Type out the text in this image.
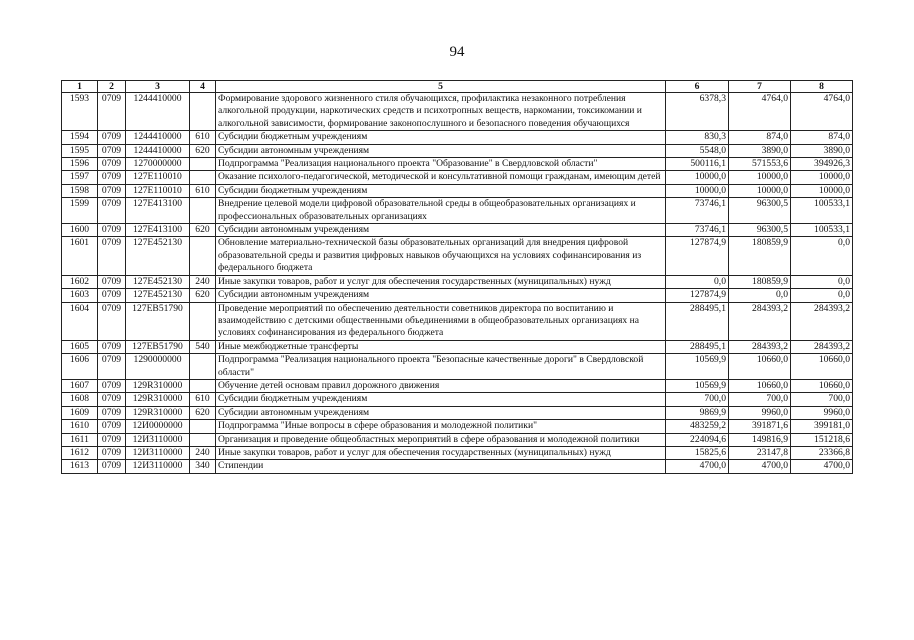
94
1	2	3	4	5	6	7	8
1593	0709	1244410000		Формирование здорового жизненного стиля обучающихся, профилактика незаконного потребления алкогольной продукции, наркотических средств и психотропных веществ, наркомании, токсикомании и алкогольной зависимости, формирование законопослушного и безопасного поведения обучающихся	6378,3	4764,0	4764,0
1594	0709	1244410000	610	Субсидии бюджетным учреждениям	830,3	874,0	874,0
1595	0709	1244410000	620	Субсидии автономным учреждениям	5548,0	3890,0	3890,0
1596	0709	1270000000		Подпрограмма "Реализация национального проекта "Образование" в Свердловской области"	500116,1	571553,6	394926,3
1597	0709	127E110010		Оказание психолого-педагогической, методической и консультативной помощи гражданам, имеющим детей	10000,0	10000,0	10000,0
1598	0709	127E110010	610	Субсидии бюджетным учреждениям	10000,0	10000,0	10000,0
1599	0709	127E413100		Внедрение целевой модели цифровой образовательной среды в общеобразовательных организациях и профессиональных образовательных организациях	73746,1	96300,5	100533,1
1600	0709	127E413100	620	Субсидии автономным учреждениям	73746,1	96300,5	100533,1
1601	0709	127E452130		Обновление материально-технической базы образовательных организаций для внедрения цифровой образовательной среды и развития цифровых навыков обучающихся на условиях софинансирования из федерального бюджета	127874,9	180859,9	0,0
1602	0709	127E452130	240	Иные закупки товаров, работ и услуг для обеспечения государственных (муниципальных) нужд	0,0	180859,9	0,0
1603	0709	127E452130	620	Субсидии автономным учреждениям	127874,9	0,0	0,0
1604	0709	127EB51790		Проведение мероприятий по обеспечению деятельности советников директора по воспитанию и взаимодействию с детскими общественными объединениями в общеобразовательных организациях на условиях софинансирования из федерального бюджета	288495,1	284393,2	284393,2
1605	0709	127EB51790	540	Иные межбюджетные трансферты	288495,1	284393,2	284393,2
1606	0709	1290000000		Подпрограмма "Реализация национального проекта "Безопасные качественные дороги" в Свердловской области"	10569,9	10660,0	10660,0
1607	0709	129R310000		Обучение детей основам правил дорожного движения	10569,9	10660,0	10660,0
1608	0709	129R310000	610	Субсидии бюджетным учреждениям	700,0	700,0	700,0
1609	0709	129R310000	620	Субсидии автономным учреждениям	9869,9	9960,0	9960,0
1610	0709	12И0000000		Подпрограмма "Иные вопросы в сфере образования и молодежной политики"	483259,2	391871,6	399181,0
1611	0709	12И3110000		Организация и проведение общеобластных мероприятий в сфере образования и молодежной политики	224094,6	149816,9	151218,6
1612	0709	12И3110000	240	Иные закупки товаров, работ и услуг для обеспечения государственных (муниципальных) нужд	15825,6	23147,8	23366,8
1613	0709	12И3110000	340	Стипендии	4700,0	4700,0	4700,0
